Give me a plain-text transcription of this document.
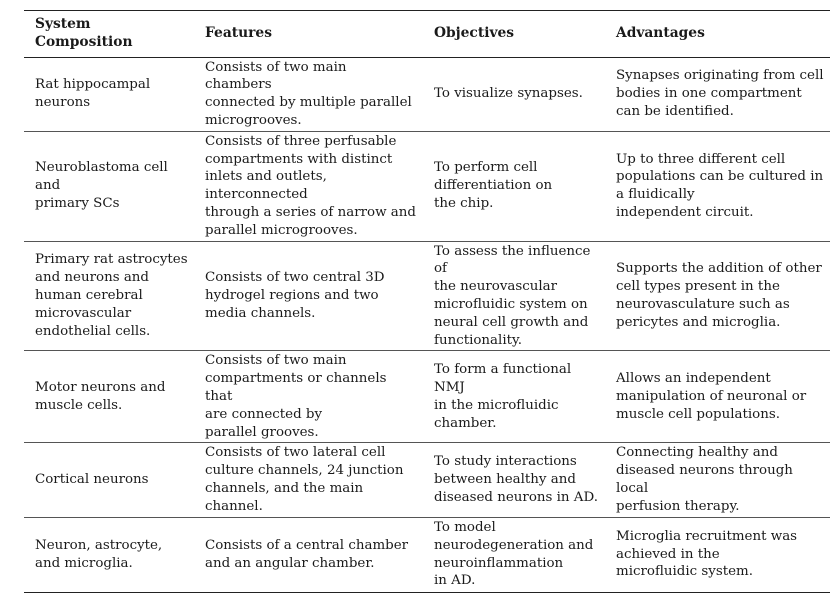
System Composition	Features	Objectives	Advantages

Rat hippocampal
neurons	Consists of two main chambers
connected by multiple parallel
microgrooves.	To visualize synapses.	Synapses originating from cell
bodies in one compartment
can be identified.

Neuroblastoma cell and
primary SCs	Consists of three perfusable
compartments with distinct
inlets and outlets, interconnected
through a series of narrow and
parallel microgrooves.	To perform cell
differentiation on
the chip.	Up to three different cell
populations can be cultured in
a fluidically
independent circuit.

Primary rat astrocytes
and neurons and
human cerebral
microvascular
endothelial cells.	Consists of two central 3D
hydrogel regions and two
media channels.	To assess the influence of
the neurovascular
microfluidic system on
neural cell growth and
functionality.	Supports the addition of other
cell types present in the
neurovasculature such as
pericytes and microglia.

Motor neurons and
muscle cells.	Consists of two main
compartments or channels that
are connected by
parallel grooves.	To form a functional NMJ
in the microfluidic
chamber.	Allows an independent
manipulation of neuronal or
muscle cell populations.

Cortical neurons	Consists of two lateral cell
culture channels, 24 junction
channels, and the main channel.	To study interactions
between healthy and
diseased neurons in AD.	Connecting healthy and
diseased neurons through local
perfusion therapy.

Neuron, astrocyte,
and microglia.	Consists of a central chamber
and an angular chamber.	To model
neurodegeneration and
neuroinflammation
in AD.	Microglia recruitment was
achieved in the
microfluidic system.
